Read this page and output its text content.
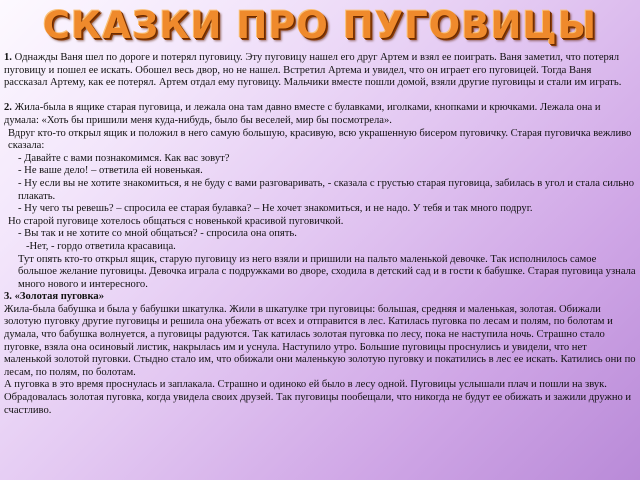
СКАЗКИ ПРО ПУГОВИЦЫ

1. Однажды Ваня шел по дороге и потерял пуговицу. Эту пуговицу нашел его друг Артем и взял ее поиграть. Ваня заметил, что потерял пуговицу и пошел ее искать. Обошел весь двор, но не нашел. Встретил Артема и увидел, что он играет его пуговицей. Тогда Ваня рассказал Артему, как ее потерял. Артем отдал ему пуговицу. Мальчики вместе пошли домой, взяли другие пуговицы и стали им играть.

2. Жила-была в ящике старая пуговица, и лежала она там давно вместе с булавками, иголками, кнопками и крючками. Лежала она и думала: «Хоть бы пришили меня куда-нибудь, было бы веселей, мир бы посмотрела».

Вдруг кто-то открыл ящик и положил в него самую большую, красивую, всю украшенную бисером пуговичку. Старая пуговичка вежливо сказала:

- Давайте с вами познакомимся. Как вас зовут?

- Не ваше дело! – ответила ей новенькая.

- Ну если вы не хотите знакомиться, я не буду с вами разговаривать, - сказала с грустью старая пуговица, забилась в угол и стала сильно плакать.

- Ну чего ты ревешь? – спросила ее старая булавка? – Не хочет знакомиться, и не надо. У тебя и так много подруг.

Но старой пуговице хотелось общаться с новенькой красивой пуговичкой.

- Вы так и не хотите со мной общаться? - спросила она опять.

-Нет, - гордо ответила красавица.

Тут опять кто-то открыл ящик, старую пуговицу из него взяли и пришили на пальто маленькой девочке. Так исполнилось самое большое желание пуговицы. Девочка играла с подружками во дворе, сходила в детский сад и в гости к бабушке. Старая пуговица узнала много нового и интересного.

3. «Золотая пуговка»

Жила-была бабушка и была у бабушки шкатулка. Жили в шкатулке три пуговицы: большая, средняя и маленькая, золотая. Обижали золотую пуговку другие пуговицы и решила она убежать от всех и отправится в лес. Катилась пуговка по лесам и полям, по болотам и думала, что бабушка волнуется, а пуговицы радуются. Так катилась золотая пуговка по лесу, пока не наступила ночь. Страшно стало пуговке, взяла она осиновый листик, накрылась им и уснула. Наступило утро. Большие пуговицы проснулись и увидели, что нет маленькой золотой пуговки. Стыдно стало им, что обижали они маленькую золотую пуговку и покатились в лес ее искать. Катились они по лесам, по полям, по болотам.

А пуговка в это время проснулась и заплакала. Страшно и одиноко ей было в лесу одной. Пуговицы услышали плач и пошли на звук. Обрадовалась золотая пуговка, когда увидела своих друзей. Так пуговицы пообещали, что никогда не будут ее обижать и зажили дружно и счастливо.
